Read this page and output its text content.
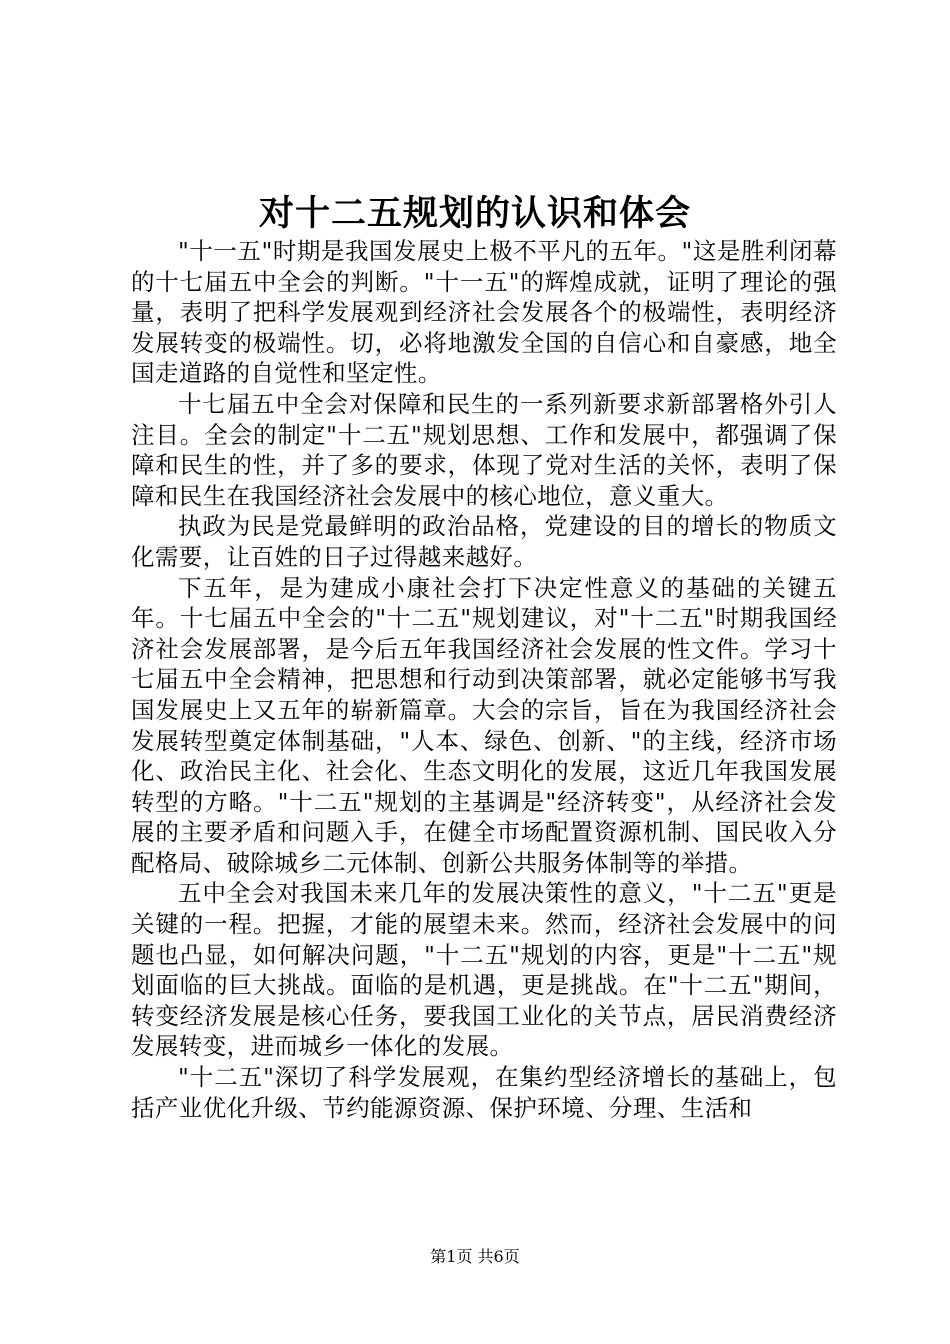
对十二五规划的认识和体会

"十一五"时期是我国发展史上极不平凡的五年。"这是胜利闭幕的十七届五中全会的判断。"十一五"的辉煌成就，证明了理论的强量，表明了把科学发展观到经济社会发展各个的极端性，表明经济发展转变的极端性。切，必将地激发全国的自信心和自豪感，地全国走道路的自觉性和坚定性。

十七届五中全会对保障和民生的一系列新要求新部署格外引人注目。全会的制定"十二五"规划思想、工作和发展中，都强调了保障和民生的性，并了多的要求，体现了党对生活的关怀，表明了保障和民生在我国经济社会发展中的核心地位，意义重大。

执政为民是党最鲜明的政治品格，党建设的目的增长的物质文化需要，让百姓的日子过得越来越好。

下五年，是为建成小康社会打下决定性意义的基础的关键五年。十七届五中全会的"十二五"规划建议，对"十二五"时期我国经济社会发展部署，是今后五年我国经济社会发展的性文件。学习十七届五中全会精神，把思想和行动到决策部署，就必定能够书写我国发展史上又五年的崭新篇章。大会的宗旨，旨在为我国经济社会发展转型奠定体制基础，"人本、绿色、创新、"的主线，经济市场化、政治民主化、社会化、生态文明化的发展，这近几年我国发展转型的方略。"十二五"规划的主基调是"经济转变"，从经济社会发展的主要矛盾和问题入手，在健全市场配置资源机制、国民收入分配格局、破除城乡二元体制、创新公共服务体制等的举措。

五中全会对我国未来几年的发展决策性的意义，"十二五"更是关键的一程。把握，才能的展望未来。然而，经济社会发展中的问题也凸显，如何解决问题，"十二五"规划的内容，更是"十二五"规划面临的巨大挑战。面临的是机遇，更是挑战。在"十二五"期间，转变经济发展是核心任务，要我国工业化的关节点，居民消费经济发展转变，进而城乡一体化的发展。

"十二五"深切了科学发展观，在集约型经济增长的基础上，包括产业优化升级、节约能源资源、保护环境、分理、生活和

第1页 共6页
